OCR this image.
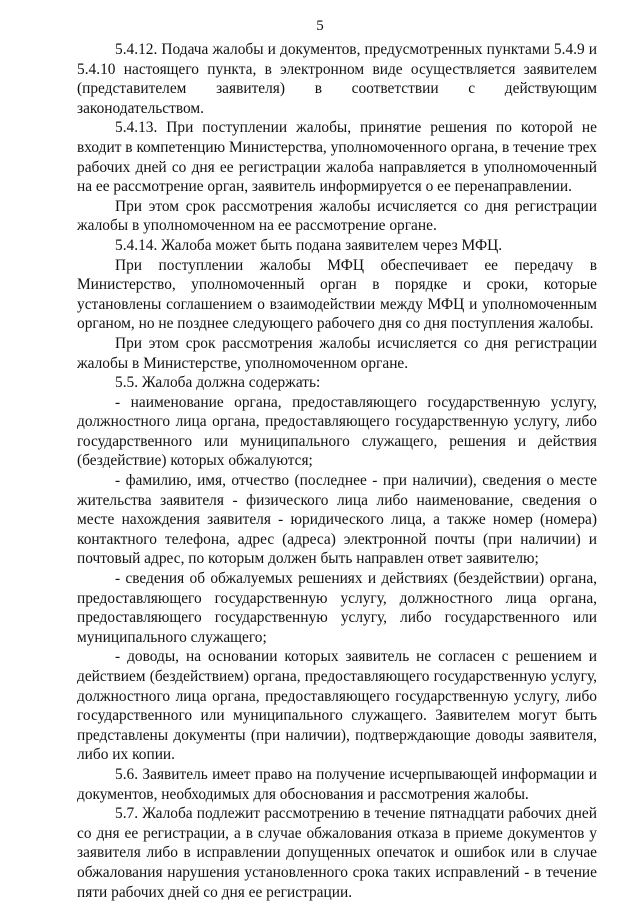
5

5.4.12. Подача жалобы и документов, предусмотренных пунктами 5.4.9 и 5.4.10 настоящего пункта, в электронном виде осуществляется заявителем (представителем заявителя) в соответствии с действующим законодательством.

5.4.13. При поступлении жалобы, принятие решения по которой не входит в компетенцию Министерства, уполномоченного органа, в течение трех рабочих дней со дня ее регистрации жалоба направляется в уполномоченный на ее рассмотрение орган, заявитель информируется о ее перенаправлении.

При этом срок рассмотрения жалобы исчисляется со дня регистрации жалобы в уполномоченном на ее рассмотрение органе.

5.4.14. Жалоба может быть подана заявителем через МФЦ.

При поступлении жалобы МФЦ обеспечивает ее передачу в Министерство, уполномоченный орган в порядке и сроки, которые установлены соглашением о взаимодействии между МФЦ и уполномоченным органом, но не позднее следующего рабочего дня со дня поступления жалобы.

При этом срок рассмотрения жалобы исчисляется со дня регистрации жалобы в Министерстве, уполномоченном органе.

5.5. Жалоба должна содержать:

- наименование органа, предоставляющего государственную услугу, должностного лица органа, предоставляющего государственную услугу, либо государственного или муниципального служащего, решения и действия (бездействие) которых обжалуются;

- фамилию, имя, отчество (последнее - при наличии), сведения о месте жительства заявителя - физического лица либо наименование, сведения о месте нахождения заявителя - юридического лица, а также номер (номера) контактного телефона, адрес (адреса) электронной почты (при наличии) и почтовый адрес, по которым должен быть направлен ответ заявителю;

- сведения об обжалуемых решениях и действиях (бездействии) органа, предоставляющего государственную услугу, должностного лица органа, предоставляющего государственную услугу, либо государственного или муниципального служащего;

- доводы, на основании которых заявитель не согласен с решением и действием (бездействием) органа, предоставляющего государственную услугу, должностного лица органа, предоставляющего государственную услугу, либо государственного или муниципального служащего. Заявителем могут быть представлены документы (при наличии), подтверждающие доводы заявителя, либо их копии.

5.6. Заявитель имеет право на получение исчерпывающей информации и документов, необходимых для обоснования и рассмотрения жалобы.

5.7. Жалоба подлежит рассмотрению в течение пятнадцати рабочих дней со дня ее регистрации, а в случае обжалования отказа в приеме документов у заявителя либо в исправлении допущенных опечаток и ошибок или в случае обжалования нарушения установленного срока таких исправлений - в течение пяти рабочих дней со дня ее регистрации.
